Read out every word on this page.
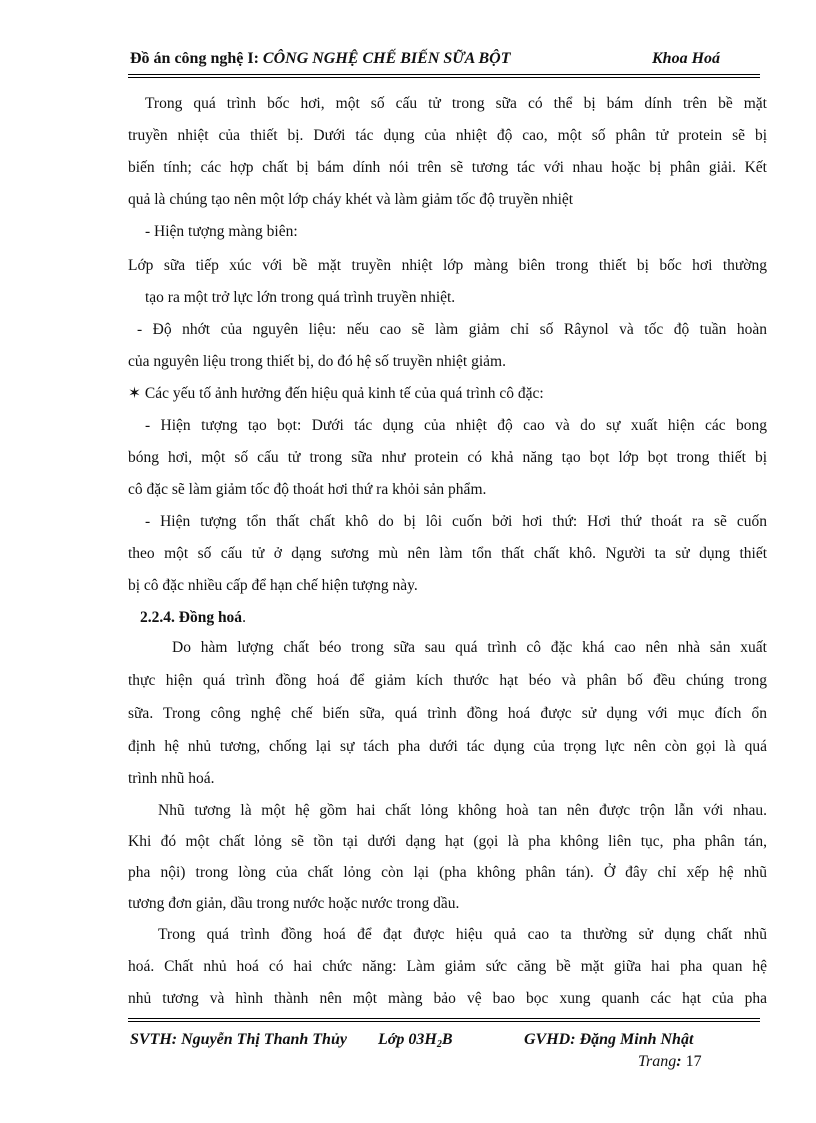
Đồ án công nghệ I: CÔNG NGHỆ CHẾ BIẾN SỮA BỘT	Khoa Hoá
Trong quá trình bốc hơi, một số cấu tử trong sữa có thể bị bám dính trên bề mặt
truyền nhiệt của thiết bị. Dưới tác dụng của nhiệt độ cao, một số phân tử protein sẽ bị
biến tính; các hợp chất bị bám dính nói trên sẽ tương tác với nhau hoặc bị phân giải. Kết
quả là chúng tạo nên một lớp cháy khét và làm giảm tốc độ truyền nhiệt
- Hiện tượng màng biên:
Lớp sữa tiếp xúc với bề mặt truyền nhiệt lớp màng biên trong thiết bị bốc hơi thường
tạo ra một trở lực lớn trong quá trình truyền nhiệt.
- Độ nhớt của nguyên liệu: nếu cao sẽ làm giảm chỉ số Râynol và tốc độ tuần hoàn
của nguyên liệu trong thiết bị, do đó hệ số truyền nhiệt giảm.
✶ Các yếu tố ảnh hưởng đến hiệu quả kinh tế của quá trình cô đặc:
- Hiện tượng tạo bọt: Dưới tác dụng của nhiệt độ cao và do sự xuất hiện các bong
bóng hơi, một số cấu tử trong sữa như protein có khả năng tạo bọt lớp bọt trong thiết bị
cô đặc sẽ làm giảm tốc độ thoát hơi thứ ra khỏi sản phẩm.
- Hiện tượng tổn thất chất khô do bị lôi cuốn bởi hơi thứ: Hơi thứ thoát ra sẽ cuốn
theo một số cấu tử ở dạng sương mù nên làm tổn thất chất khô. Người ta sử dụng thiết
bị cô đặc nhiều cấp để hạn chế hiện tượng này.
2.2.4. Đồng hoá.
Do hàm lượng chất béo trong sữa sau quá trình cô đặc khá cao nên nhà sản xuất
thực hiện quá trình đồng hoá để giảm kích thước hạt béo và phân bố đều chúng trong
sữa. Trong công nghệ chế biến sữa, quá trình đồng hoá được sử dụng với mục đích ổn
định hệ nhủ tương, chống lại sự tách pha dưới tác dụng của trọng lực nên còn gọi là quá
trình nhũ hoá.
Nhũ tương là một hệ gồm hai chất lỏng không hoà tan nên được trộn lẫn với nhau.
Khi đó một chất lỏng sẽ tồn tại dưới dạng hạt (gọi là pha không liên tục, pha phân tán,
pha nội) trong lòng của chất lỏng còn lại (pha không phân tán). Ở đây chỉ xếp hệ nhũ
tương đơn giản, dầu trong nước hoặc nước trong dầu.
Trong quá trình đồng hoá để đạt được hiệu quả cao ta thường sử dụng chất nhũ
hoá. Chất nhủ hoá có hai chức năng: Làm giảm sức căng bề mặt giữa hai pha quan hệ
nhủ tương và hình thành nên một màng bảo vệ bao bọc xung quanh các hạt của pha
SVTH: Nguyễn Thị Thanh Thủy Lớp $03H_2B$	GVHD: Đặng Minh Nhật
Trang: 17
